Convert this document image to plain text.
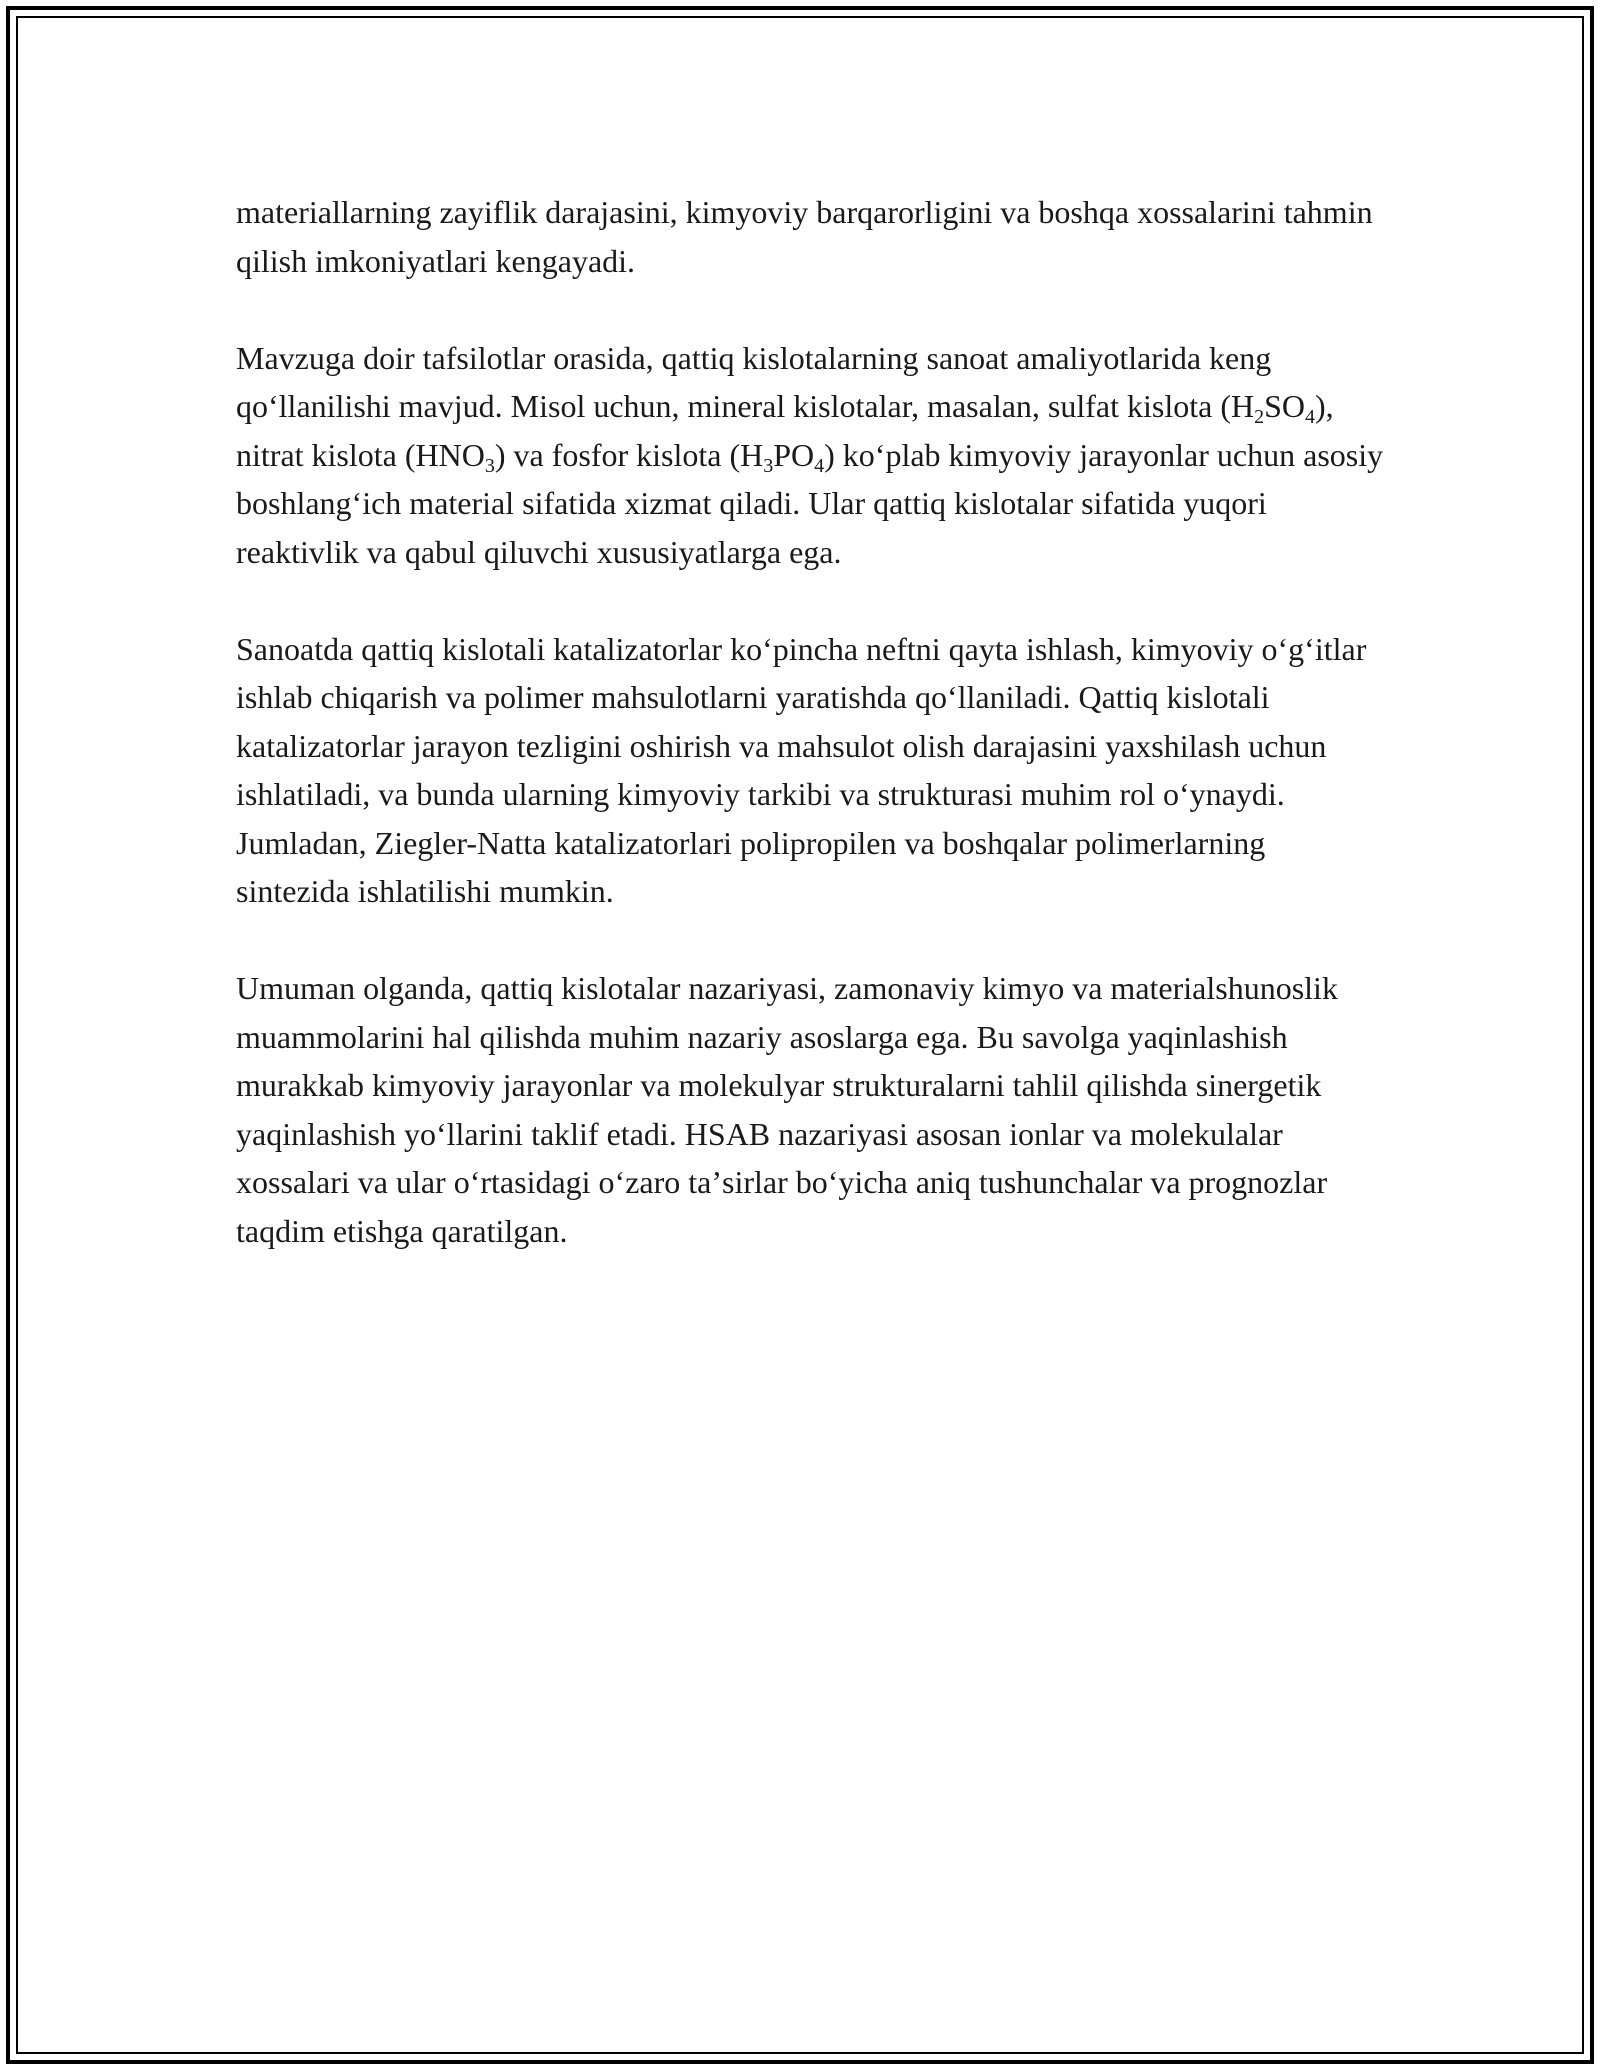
materiallarning zayiflik darajasini, kimyoviy barqarorligini va boshqa xossalarini tahmin qilish imkoniyatlari kengayadi.

Mavzuga doir tafsilotlar orasida, qattiq kislotalarning sanoat amaliyotlarida keng qoʻllanilishi mavjud. Misol uchun, mineral kislotalar, masalan, sulfat kislota $(H_2SO_4)$, nitrat kislota $(HNO_3)$ va fosfor kislota $(H_3PO_4)$ koʻplab kimyoviy jarayonlar uchun asosiy boshlangʻich material sifatida xizmat qiladi. Ular qattiq kislotalar sifatida yuqori reaktivlik va qabul qiluvchi xususiyatlarga ega.

Sanoatda qattiq kislotali katalizatorlar koʻpincha neftni qayta ishlash, kimyoviy oʻgʻitlar ishlab chiqarish va polimer mahsulotlarni yaratishda qoʻllaniladi. Qattiq kislotali katalizatorlar jarayon tezligini oshirish va mahsulot olish darajasini yaxshilash uchun ishlatiladi, va bunda ularning kimyoviy tarkibi va strukturasi muhim rol oʻynaydi. Jumladan, Ziegler-Natta katalizatorlari polipropilen va boshqalar polimerlarning sintezida ishlatilishi mumkin.

Umuman olganda, qattiq kislotalar nazariyasi, zamonaviy kimyo va materialshunoslik muammolarini hal qilishda muhim nazariy asoslarga ega. Bu savolga yaqinlashish murakkab kimyoviy jarayonlar va molekulyar strukturalarni tahlil qilishda sinergetik yaqinlashish yoʻllarini taklif etadi. HSAB nazariyasi asosan ionlar va molekulalar xossalari va ular oʻrtasidagi oʻzaro taʼsirlar boʻyicha aniq tushunchalar va prognozlar taqdim etishga qaratilgan.
